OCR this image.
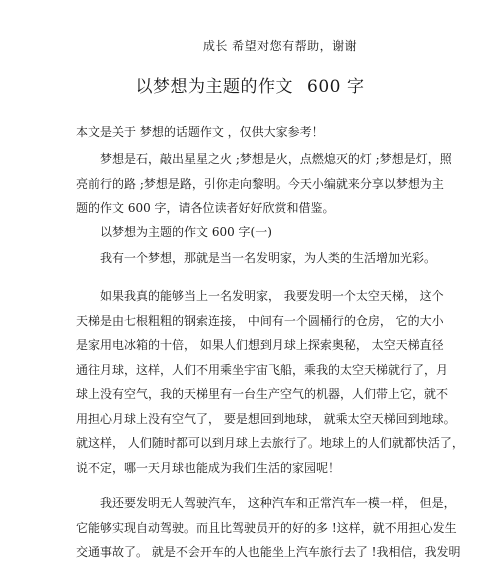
成长 希望对您有帮助，谢谢
以梦想为主题的作文 600 字
本文是关于 梦想的话题作文 ，仅供大家参考！
梦想是石，敲出星星之火 ;梦想是火，点燃熄灭的灯 ;梦想是灯，照
亮前行的路 ;梦想是路，引你走向黎明。今天小编就来分享以梦想为主
题的作文 600 字，请各位读者好好欣赏和借鉴。
以梦想为主题的作文 600 字(一)
我有一个梦想，那就是当一名发明家，为人类的生活增加光彩。
如果我真的能够当上一名发明家， 我要发明一个太空天梯， 这个
天梯是由七根粗粗的钢索连接， 中间有一个圆桶行的仓房， 它的大小
是家用电冰箱的十倍， 如果人们想到月球上探索奥秘， 太空天梯直径
通往月球，这样，人们不用乘坐宇宙飞船，乘我的太空天梯就行了，月
球上没有空气，我的天梯里有一台生产空气的机器，人们带上它，就不
用担心月球上没有空气了， 要是想回到地球， 就乘太空天梯回到地球。
就这样， 人们随时都可以到月球上去旅行了。地球上的人们就都快活了，
说不定，哪一天月球也能成为我们生活的家园呢！
我还要发明无人驾驶汽车， 这种汽车和正常汽车一模一样， 但是，
它能够实现自动驾驶。而且比驾驶员开的好的多 !这样，就不用担心发生
交通事故了。 就是不会开车的人也能坐上汽车旅行去了 !我相信，我发明
